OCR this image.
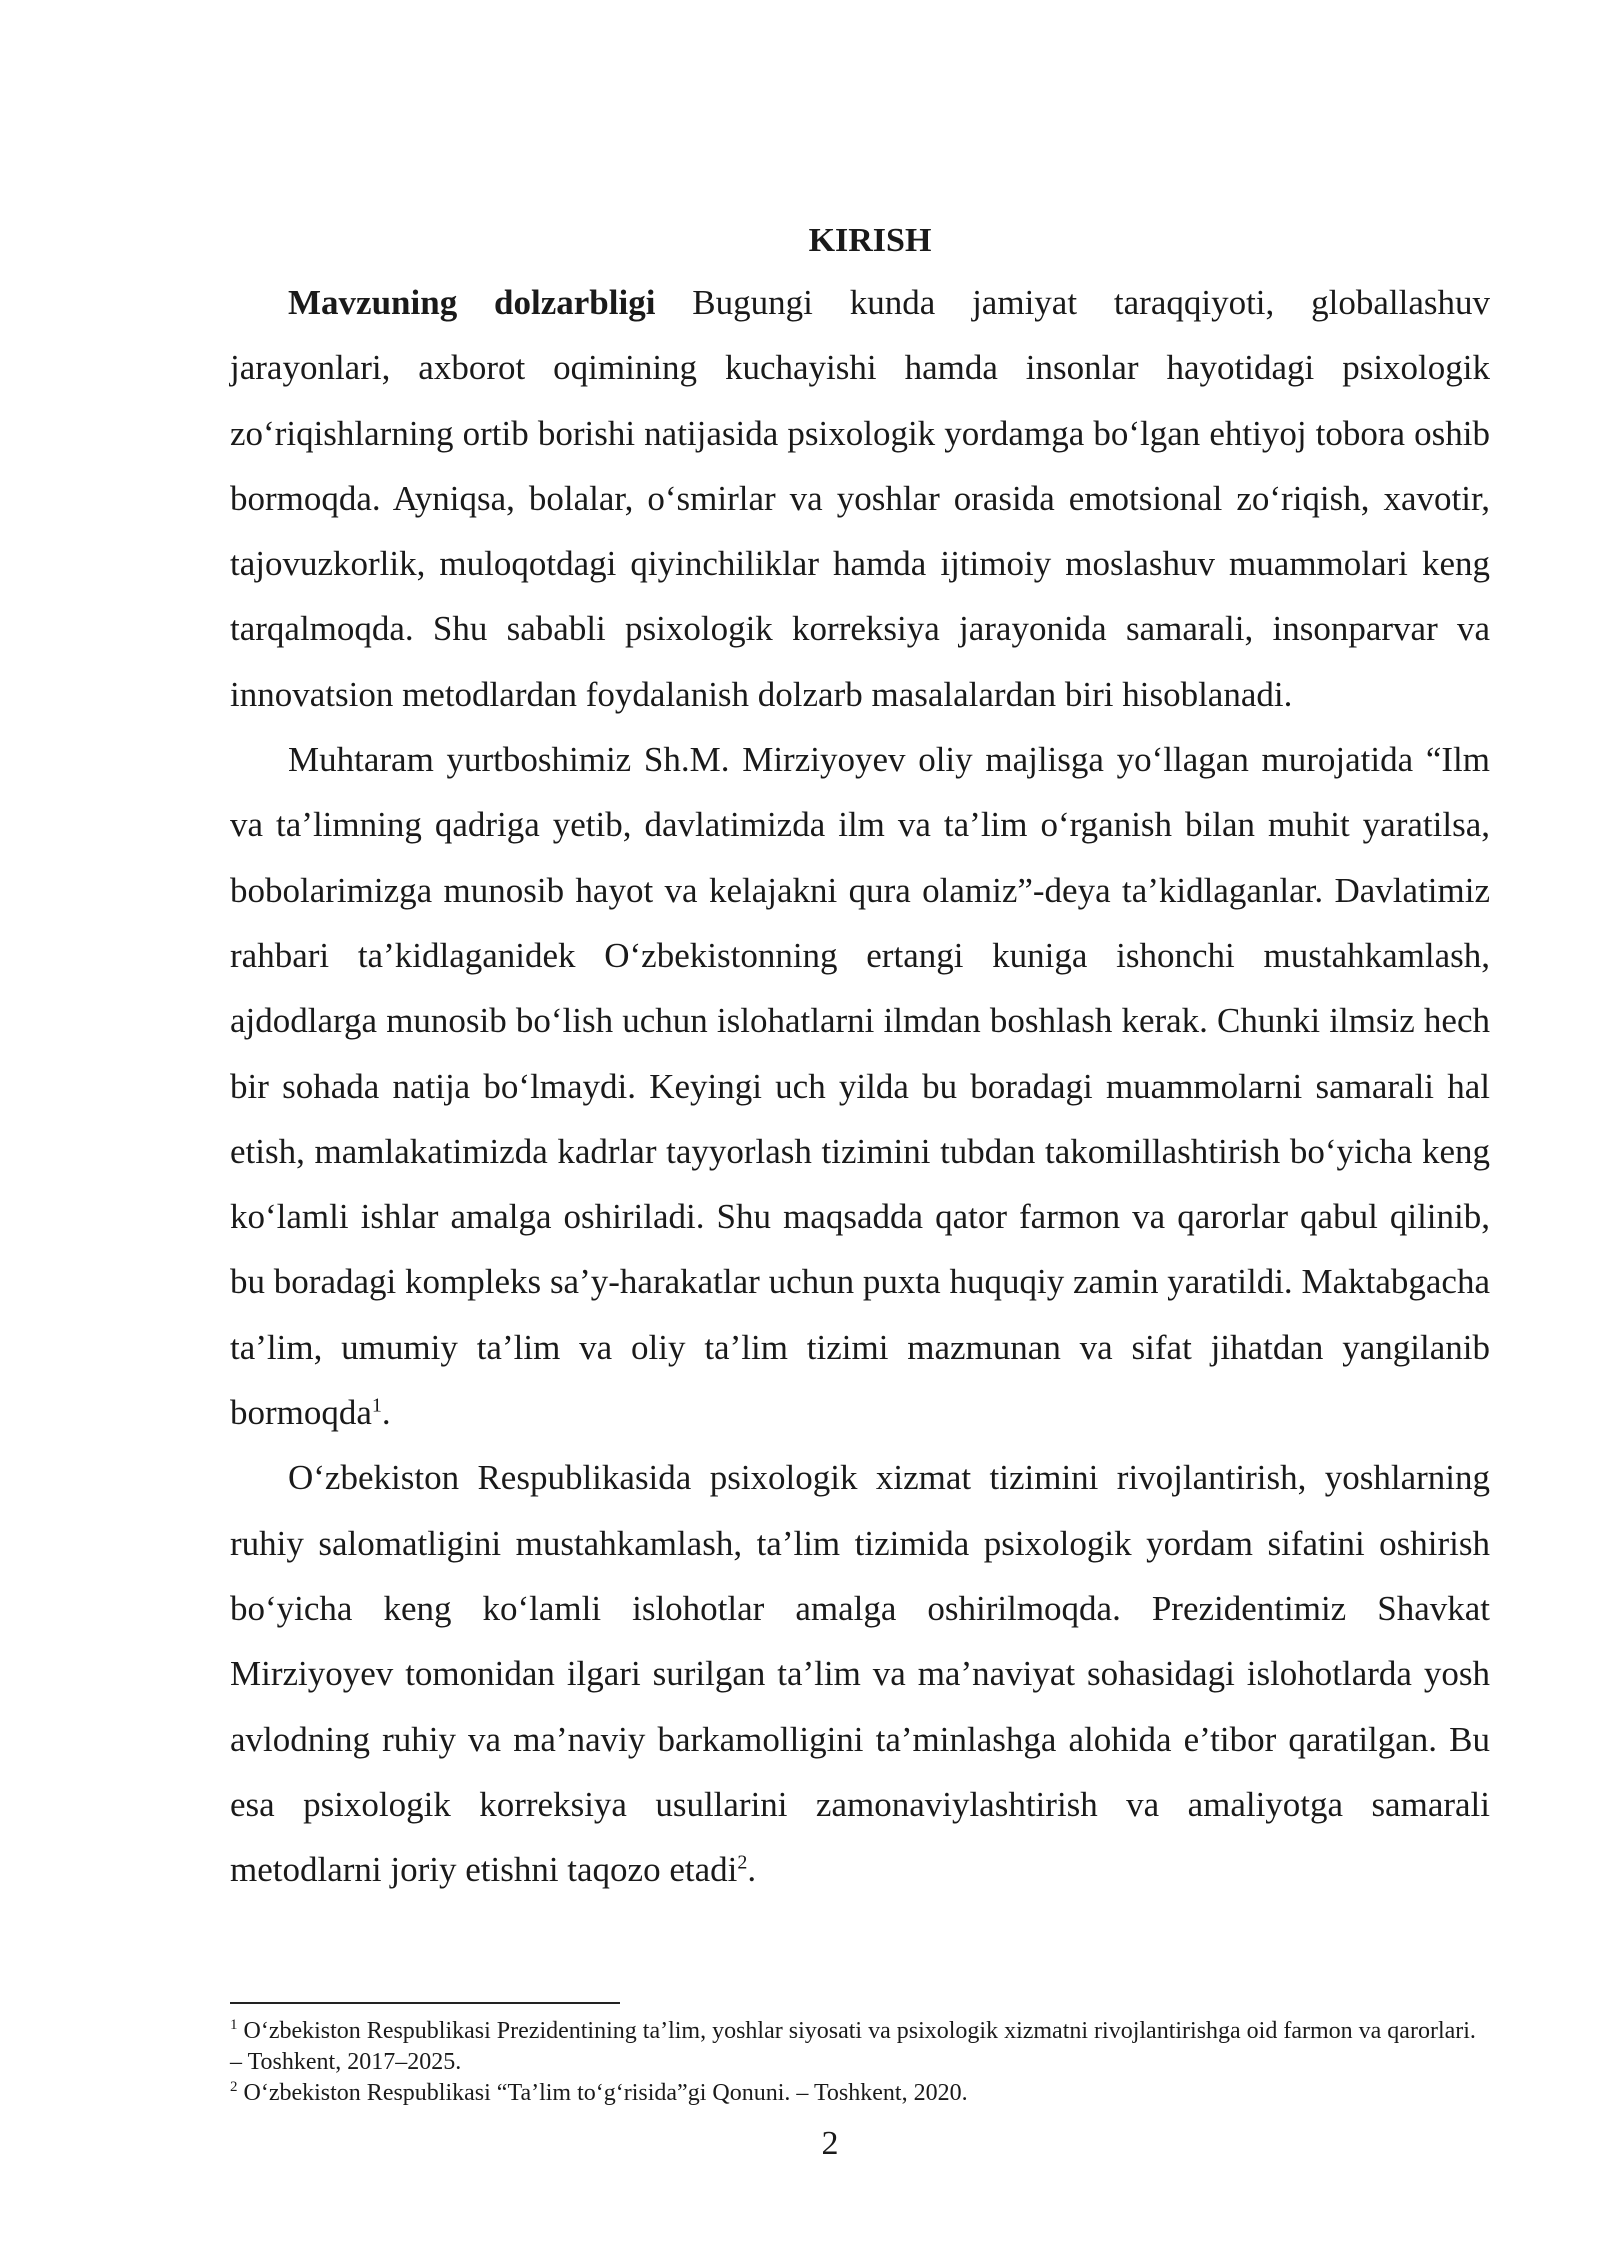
KIRISH

Mavzuning dolzarbligi Bugungi kunda jamiyat taraqqiyoti, globallashuv jarayonlari, axborot oqimining kuchayishi hamda insonlar hayotidagi psixologik zo‘riqishlarning ortib borishi natijasida psixologik yordamga bo‘lgan ehtiyoj tobora oshib bormoqda. Ayniqsa, bolalar, o‘smirlar va yoshlar orasida emotsional zo‘riqish, xavotir, tajovuzkorlik, muloqotdagi qiyinchiliklar hamda ijtimoiy moslashuv muammolari keng tarqalmoqda. Shu sababli psixologik korreksiya jarayonida samarali, insonparvar va innovatsion metodlardan foydalanish dolzarb masalalardan biri hisoblanadi.

Muhtaram yurtboshimiz Sh.M. Mirziyoyev oliy majlisga yo‘llagan murojatida “Ilm va ta’limning qadriga yetib, davlatimizda ilm va ta’lim o‘rganish bilan muhit yaratilsa, bobolarimizga munosib hayot va kelajakni qura olamiz”-deya ta’kidlaganlar. Davlatimiz rahbari ta’kidlaganidek O‘zbekistonning ertangi kuniga ishonchi mustahkamlash, ajdodlarga munosib bo‘lish uchun islohatlarni ilmdan boshlash kerak. Chunki ilmsiz hech bir sohada natija bo‘lmaydi. Keyingi uch yilda bu boradagi muammolarni samarali hal etish, mamlakatimizda kadrlar tayyorlash tizimini tubdan takomillashtirish bo‘yicha keng ko‘lamli ishlar amalga oshiriladi. Shu maqsadda qator farmon va qarorlar qabul qilinib, bu boradagi kompleks sa’y-harakatlar uchun puxta huquqiy zamin yaratildi. Maktabgacha ta’lim, umumiy ta’lim va oliy ta’lim tizimi mazmunan va sifat jihatdan yangilanib bormoqda$^1$.

O‘zbekiston Respublikasida psixologik xizmat tizimini rivojlantirish, yoshlarning ruhiy salomatligini mustahkamlash, ta’lim tizimida psixologik yordam sifatini oshirish bo‘yicha keng ko‘lamli islohotlar amalga oshirilmoqda. Prezidentimiz Shavkat Mirziyoyev tomonidan ilgari surilgan ta’lim va ma’naviyat sohasidagi islohotlarda yosh avlodning ruhiy va ma’naviy barkamolligini ta’minlashga alohida e’tibor qaratilgan. Bu esa psixologik korreksiya usullarini zamonaviylashtirish va amaliyotga samarali metodlarni joriy etishni taqozo etadi$^2$.

$^1$ O‘zbekiston Respublikasi Prezidentining ta’lim, yoshlar siyosati va psixologik xizmatni rivojlantirishga oid farmon va qarorlari. – Toshkent, 2017–2025.

$^2$ O‘zbekiston Respublikasi “Ta’lim to‘g‘risida”gi Qonuni. – Toshkent, 2020.

2
